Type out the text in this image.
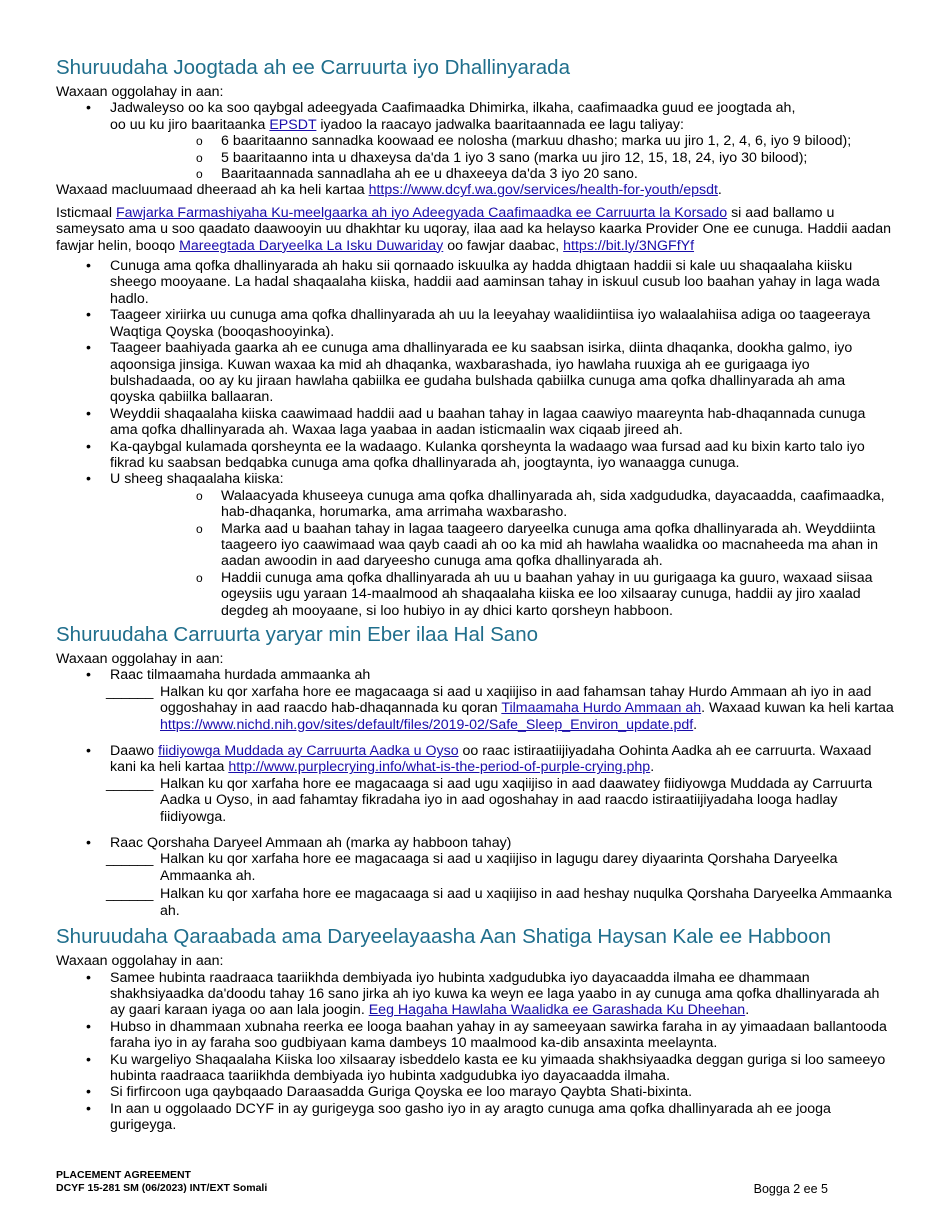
Shuruudaha Joogtada ah ee Carruurta iyo Dhallinyarada

Waxaan oggolahay in aan:

• Jadwaleyso oo ka soo qaybgal adeegyada Caafimaadka Dhimirka, ilkaha, caafimaadka guud ee joogtada ah,
oo uu ku jiro baaritaanka EPSDT iyadoo la raacayo jadwalka baaritaannada ee lagu taliyay:
o 6 baaritaanno sannadka koowaad ee nolosha (markuu dhasho; marka uu jiro 1, 2, 4, 6, iyo 9 bilood);
o 5 baaritaanno inta u dhaxeysa da'da 1 iyo 3 sano (marka uu jiro 12, 15, 18, 24, iyo 30 bilood);
o Baaritaannada sannadlaha ah ee u dhaxeeya da'da 3 iyo 20 sano.

Waxaad macluumaad dheeraad ah ka heli kartaa https://www.dcyf.wa.gov/services/health-for-youth/epsdt.

Isticmaal Fawjarka Farmashiyaha Ku-meelgaarka ah iyo Adeegyada Caafimaadka ee Carruurta la Korsado si aad ballamo u sameysato ama u soo qaadato daawooyin uu dhakhtar ku uqoray, ilaa aad ka helayso kaarka Provider One ee cunuga. Haddii aadan fawjar helin, booqo Mareegtada Daryeelka La Isku Duwariday oo fawjar daabac, https://bit.ly/3NGFfYf

• Cunuga ama qofka dhallinyarada ah haku sii qornaado iskuulka ay hadda dhigtaan haddii si kale uu shaqaalaha kiisku sheego mooyaane. La hadal shaqaalaha kiiska, haddii aad aaminsan tahay in iskuul cusub loo baahan yahay in laga wada hadlo.
• Taageer xiriirka uu cunuga ama qofka dhallinyarada ah uu la leeyahay waalidiintiisa iyo walaalahiisa adiga oo taageeraya Waqtiga Qoyska (booqashooyinka).
• Taageer baahiyada gaarka ah ee cunuga ama dhallinyarada ee ku saabsan isirka, diinta dhaqanka, dookha galmo, iyo aqoonsiga jinsiga. Kuwan waxaa ka mid ah dhaqanka, waxbarashada, iyo hawlaha ruuxiga ah ee gurigaaga iyo bulshadaada, oo ay ku jiraan hawlaha qabiilka ee gudaha bulshada qabiilka cunuga ama qofka dhallinyarada ah ama qoyska qabiilka ballaaran.
• Weyddii shaqaalaha kiiska caawimaad haddii aad u baahan tahay in lagaa caawiyo maareynta hab-dhaqannada cunuga ama qofka dhallinyarada ah. Waxaa laga yaabaa in aadan isticmaalin wax ciqaab jireed ah.
• Ka-qaybgal kulamada qorsheynta ee la wadaago. Kulanka qorsheynta la wadaago waa fursad aad ku bixin karto talo iyo fikrad ku saabsan bedqabka cunuga ama qofka dhallinyarada ah, joogtaynta, iyo wanaagga cunuga.
• U sheeg shaqaalaha kiiska:
o Walaacyada khuseeya cunuga ama qofka dhallinyarada ah, sida xadgududka, dayacaadda, caafimaadka, hab-dhaqanka, horumarka, ama arrimaha waxbarasho.
o Marka aad u baahan tahay in lagaa taageero daryeelka cunuga ama qofka dhallinyarada ah. Weyddiinta taageero iyo caawimaad waa qayb caadi ah oo ka mid ah hawlaha waalidka oo macnaheeda ma ahan in aadan awoodin in aad daryeesho cunuga ama qofka dhallinyarada ah.
o Haddii cunuga ama qofka dhallinyarada ah uu u baahan yahay in uu gurigaaga ka guuro, waxaad siisaa ogeysiis ugu yaraan 14-maalmood ah shaqaalaha kiiska ee loo xilsaaray cunuga, haddii ay jiro xaalad degdeg ah mooyaane, si loo hubiyo in ay dhici karto qorsheyn habboon.
Shuruudaha Carruurta yaryar min Eber ilaa Hal Sano

Waxaan oggolahay in aan:

• Raac tilmaamaha hurdada ammaanka ah
______ Halkan ku qor xarfaha hore ee magacaaga si aad u xaqiijiso in aad fahamsan tahay Hurdo Ammaan ah iyo in aad oggoshahay in aad raacdo hab-dhaqannada ku qoran Tilmaamaha Hurdo Ammaan ah. Waxaad kuwan ka heli kartaa https://www.nichd.nih.gov/sites/default/files/2019-02/Safe_Sleep_Environ_update.pdf.
• Daawo fiidiyowga Muddada ay Carruurta Aadka u Oyso oo raac istiraatiijiyadaha Oohinta Aadka ah ee carruurta. Waxaad kani ka heli kartaa http://www.purplecrying.info/what-is-the-period-of-purple-crying.php.
______ Halkan ku qor xarfaha hore ee magacaaga si aad ugu xaqiijiso in aad daawatey fiidiyowga Muddada ay Carruurta Aadka u Oyso, in aad fahamtay fikradaha iyo in aad ogoshahay in aad raacdo istiraatiijiyadaha looga hadlay fiidiyowga.
• Raac Qorshaha Daryeel Ammaan ah (marka ay habboon tahay)
______ Halkan ku qor xarfaha hore ee magacaaga si aad u xaqiijiso in lagugu darey diyaarinta Qorshaha Daryeelka Ammaanka ah.
______ Halkan ku qor xarfaha hore ee magacaaga si aad u xaqiijiso in aad heshay nuqulka Qorshaha Daryeelka Ammaanka ah.
Shuruudaha Qaraabada ama Daryeelayaasha Aan Shatiga Haysan Kale ee Habboon

Waxaan oggolahay in aan:

• Samee hubinta raadraaca taariikhda dembiyada iyo hubinta xadgudubka iyo dayacaadda ilmaha ee dhammaan shakhsiyaadka da'doodu tahay 16 sano jirka ah iyo kuwa ka weyn ee laga yaabo in ay cunuga ama qofka dhallinyarada ah ay gaari karaan iyaga oo aan lala joogin. Eeg Hagaha Hawlaha Waalidka ee Garashada Ku Dheehan.
• Hubso in dhammaan xubnaha reerka ee looga baahan yahay in ay sameeyaan sawirka faraha in ay yimaadaan ballantooda faraha iyo in ay faraha soo gudbiyaan kama dambeys 10 maalmood ka-dib ansaxinta meelaynta.
• Ku wargeliyo Shaqaalaha Kiiska loo xilsaaray isbeddelo kasta ee ku yimaada shakhsiyaadka deggan guriga si loo sameeyo hubinta raadraaca taariikhda dembiyada iyo hubinta xadgudubka iyo dayacaadda ilmaha.
• Si firfircoon uga qaybqaado Daraasadda Guriga Qoyska ee loo marayo Qaybta Shati-bixinta.
• In aan u oggolaado DCYF in ay gurigeyga soo gasho iyo in ay aragto cunuga ama qofka dhallinyarada ah ee jooga gurigeyga.
PLACEMENT AGREEMENT
DCYF 15-281 SM (06/2023) INT/EXT Somali	Bogga 2 ee 5
